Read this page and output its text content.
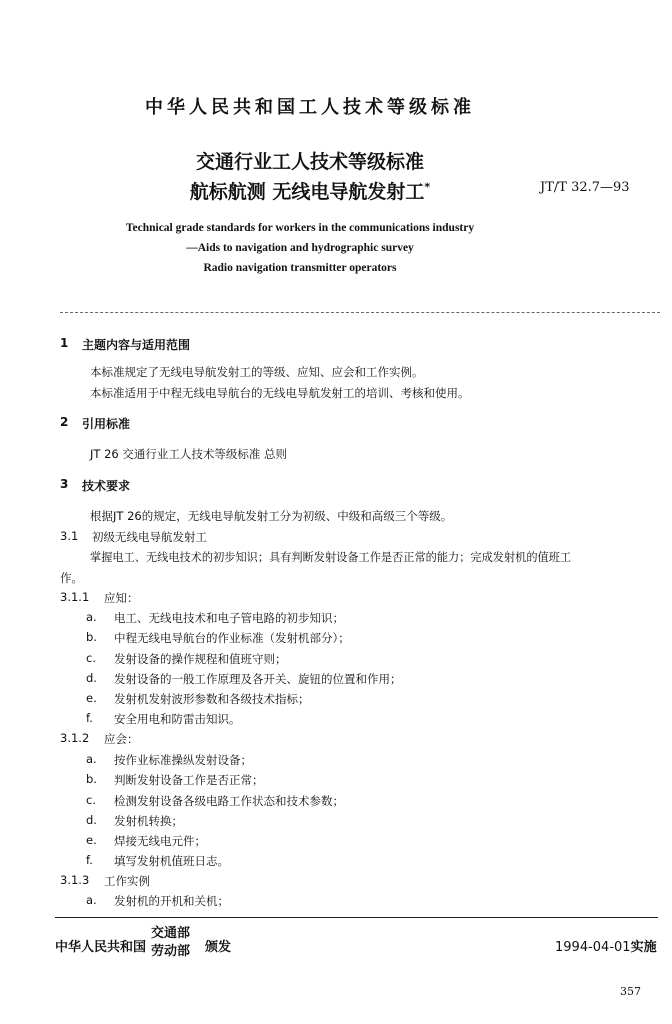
中华人民共和国工人技术等级标准
交通行业工人技术等级标准
航标航测 无线电导航发射工*	JT/T 32.7—93
Technical grade standards for workers in the communications industry
—Aids to navigation and hydrographic survey
Radio navigation transmitter operators
1 主题内容与适用范围
本标准规定了无线电导航发射工的等级、应知、应会和工作实例。
本标准适用于中程无线电导航台的无线电导航发射工的培训、考核和使用。
2 引用标准
JT 26 交通行业工人技术等级标准 总则
3 技术要求
根据JT 26的规定，无线电导航发射工分为初级、中级和高级三个等级。
3.1 初级无线电导航发射工
掌握电工、无线电技术的初步知识；具有判断发射设备工作是否正常的能力；完成发射机的值班工
作。
3.1.1 应知：
a. 电工、无线电技术和电子管电路的初步知识；
b. 中程无线电导航台的作业标准（发射机部分）；
c. 发射设备的操作规程和值班守则；
d. 发射设备的一般工作原理及各开关、旋钮的位置和作用；
e. 发射机发射波形参数和各级技术指标；
f. 安全用电和防雷击知识。
3.1.2 应会：
a. 按作业标准操纵发射设备；
b. 判断发射设备工作是否正常；
c. 检测发射设备各级电路工作状态和技术参数；
d. 发射机转换；
e. 焊接无线电元件；
f. 填写发射机值班日志。
3.1.3 工作实例
a. 发射机的开机和关机；
中华人民共和国
交通部
劳动部 颁发	1994-04-01实施
357
